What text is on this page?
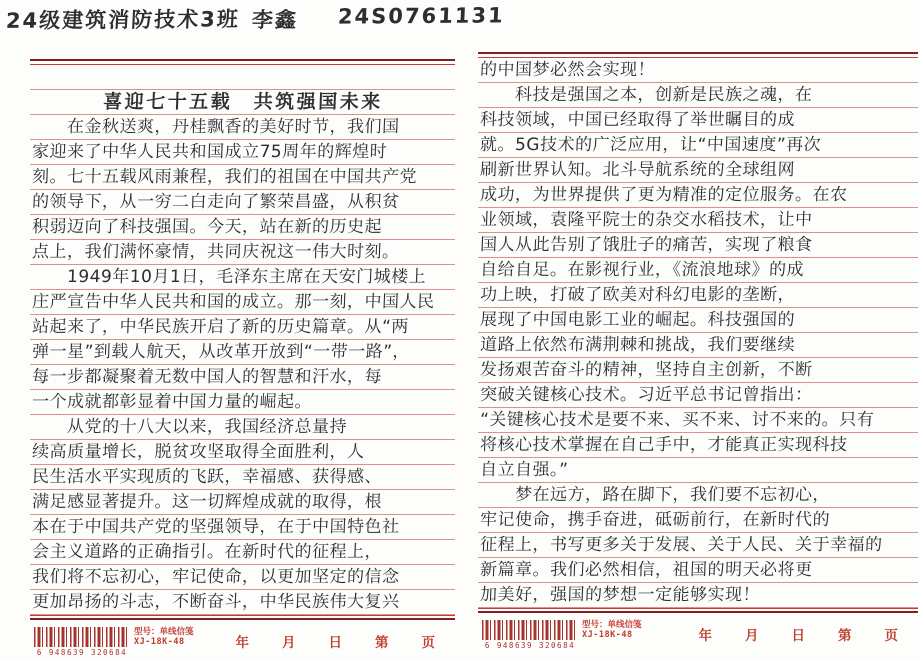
24级建筑消防技术3班 李鑫 24S0761131
喜迎七十五载　共筑强国未来
　　在金秋送爽，丹桂飘香的美好时节，我们国
家迎来了中华人民共和国成立75周年的辉煌时
刻。七十五载风雨兼程，我们的祖国在中国共产党
的领导下，从一穷二白走向了繁荣昌盛，从积贫
积弱迈向了科技强国。今天，站在新的历史起
点上，我们满怀豪情，共同庆祝这一伟大时刻。
　　1949年10月1日，毛泽东主席在天安门城楼上
庄严宣告中华人民共和国的成立。那一刻，中国人民
站起来了，中华民族开启了新的历史篇章。从“两
弹一星”到载人航天，从改革开放到“一带一路”，
每一步都凝聚着无数中国人的智慧和汗水，每
一个成就都彰显着中国力量的崛起。
　　从党的十八大以来，我国经济总量持
续高质量增长，脱贫攻坚取得全面胜利，人
民生活水平实现质的飞跃，幸福感、获得感、
满足感显著提升。这一切辉煌成就的取得，根
本在于中国共产党的坚强领导，在于中国特色社
会主义道路的正确指引。在新时代的征程上，
我们将不忘初心，牢记使命，以更加坚定的信念
更加昂扬的斗志，不断奋斗，中华民族伟大复兴
6 948639 320684
型号：单线信笺
XJ-18K-48	年　　月　　日　　第　　页
的中国梦必然会实现！
　　科技是强国之本，创新是民族之魂，在
科技领域，中国已经取得了举世瞩目的成
就。5G技术的广泛应用，让“中国速度”再次
刷新世界认知。北斗导航系统的全球组网
成功，为世界提供了更为精准的定位服务。在农
业领域，袁隆平院士的杂交水稻技术，让中
国人从此告别了饿肚子的痛苦，实现了粮食
自给自足。在影视行业，《流浪地球》的成
功上映，打破了欧美对科幻电影的垄断，
展现了中国电影工业的崛起。科技强国的
道路上依然布满荆棘和挑战，我们要继续
发扬艰苦奋斗的精神，坚持自主创新，不断
突破关键核心技术。习近平总书记曾指出：
“关键核心技术是要不来、买不来、讨不来的。只有
将核心技术掌握在自己手中，才能真正实现科技
自立自强。”
　　梦在远方，路在脚下，我们要不忘初心，
牢记使命，携手奋进，砥砺前行，在新时代的
征程上，书写更多关于发展、关于人民、关于幸福的
新篇章。我们必然相信，祖国的明天必将更
加美好，强国的梦想一定能够实现！
6 948639 320684
型号：单线信笺
XJ-18K-48	年　　月　　日　　第　　页
